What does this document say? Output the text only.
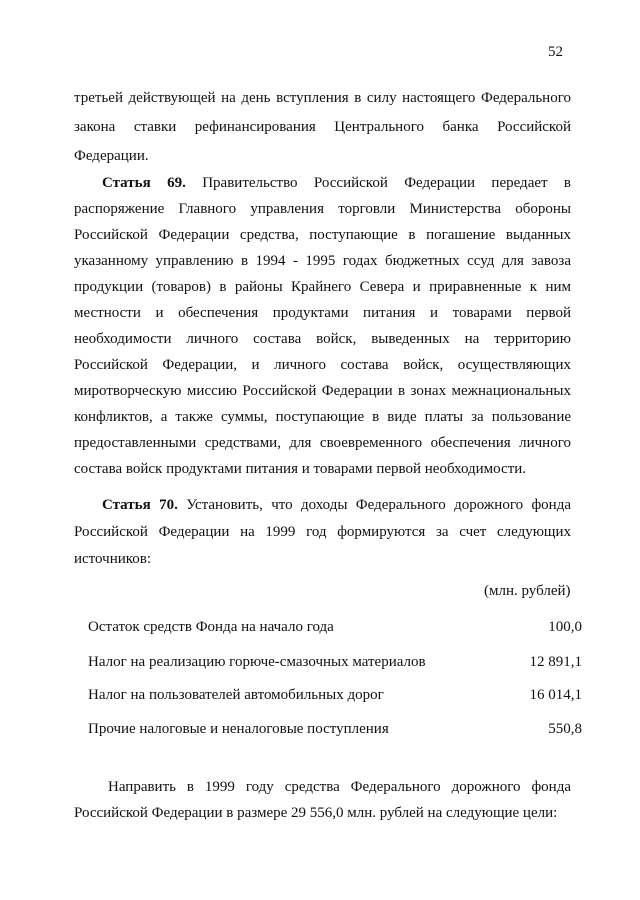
52

третьей действующей на день вступления в силу настоящего Федерального закона ставки рефинансирования Центрального банка Российской Федерации.

Статья 69. Правительство Российской Федерации передает в распоряжение Главного управления торговли Министерства обороны Российской Федерации средства, поступающие в погашение выданных указанному управлению в 1994 - 1995 годах бюджетных ссуд для завоза продукции (товаров) в районы Крайнего Севера и приравненные к ним местности и обеспечения продуктами питания и товарами первой необходимости личного состава войск, выведенных на территорию Российской Федерации, и личного состава войск, осуществляющих миротворческую миссию Российской Федерации в зонах межнациональных конфликтов, а также суммы, поступающие в виде платы за пользование предоставленными средствами, для своевременного обеспечения личного состава войск продуктами питания и товарами первой необходимости.

Статья 70. Установить, что доходы Федерального дорожного фонда Российской Федерации на 1999 год формируются за счет следующих источников:

(млн. рублей)
Остаток средств Фонда на начало года	100,0
Налог на реализацию горюче-смазочных материалов	12 891,1
Налог на пользователей автомобильных дорог	16 014,1
Прочие налоговые и неналоговые поступления	550,8

Направить в 1999 году средства Федерального дорожного фонда Российской Федерации в размере 29 556,0 млн. рублей на следующие цели:
